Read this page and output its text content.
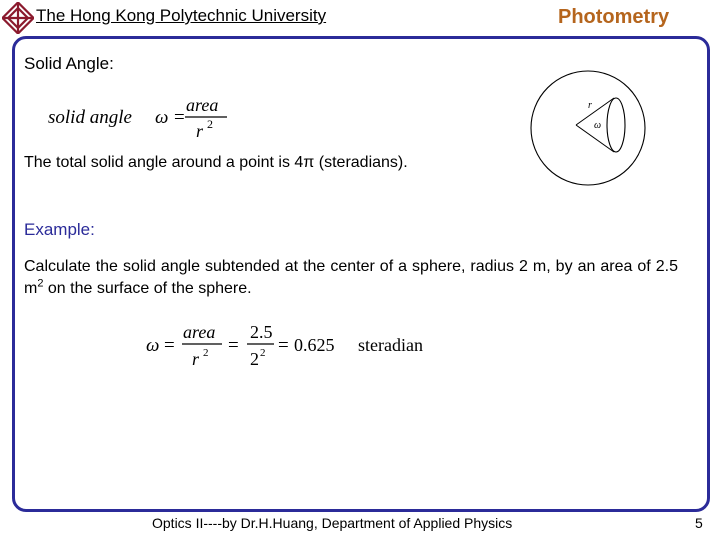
The Hong Kong Polytechnic University	Photometry
Solid Angle:
solid angle ω =
area
r 2
r
ω
The total solid angle around a point is 4π (steradians).
Example:
Calculate the solid angle subtended at the center of a sphere, radius 2 m, by an area of 2.5 $m^2$ on the surface of the sphere.
ω =
area
r 2 =
2.5
2 2 = 0.625 steradian
Optics II----by Dr.H.Huang, Department of Applied Physics	5
